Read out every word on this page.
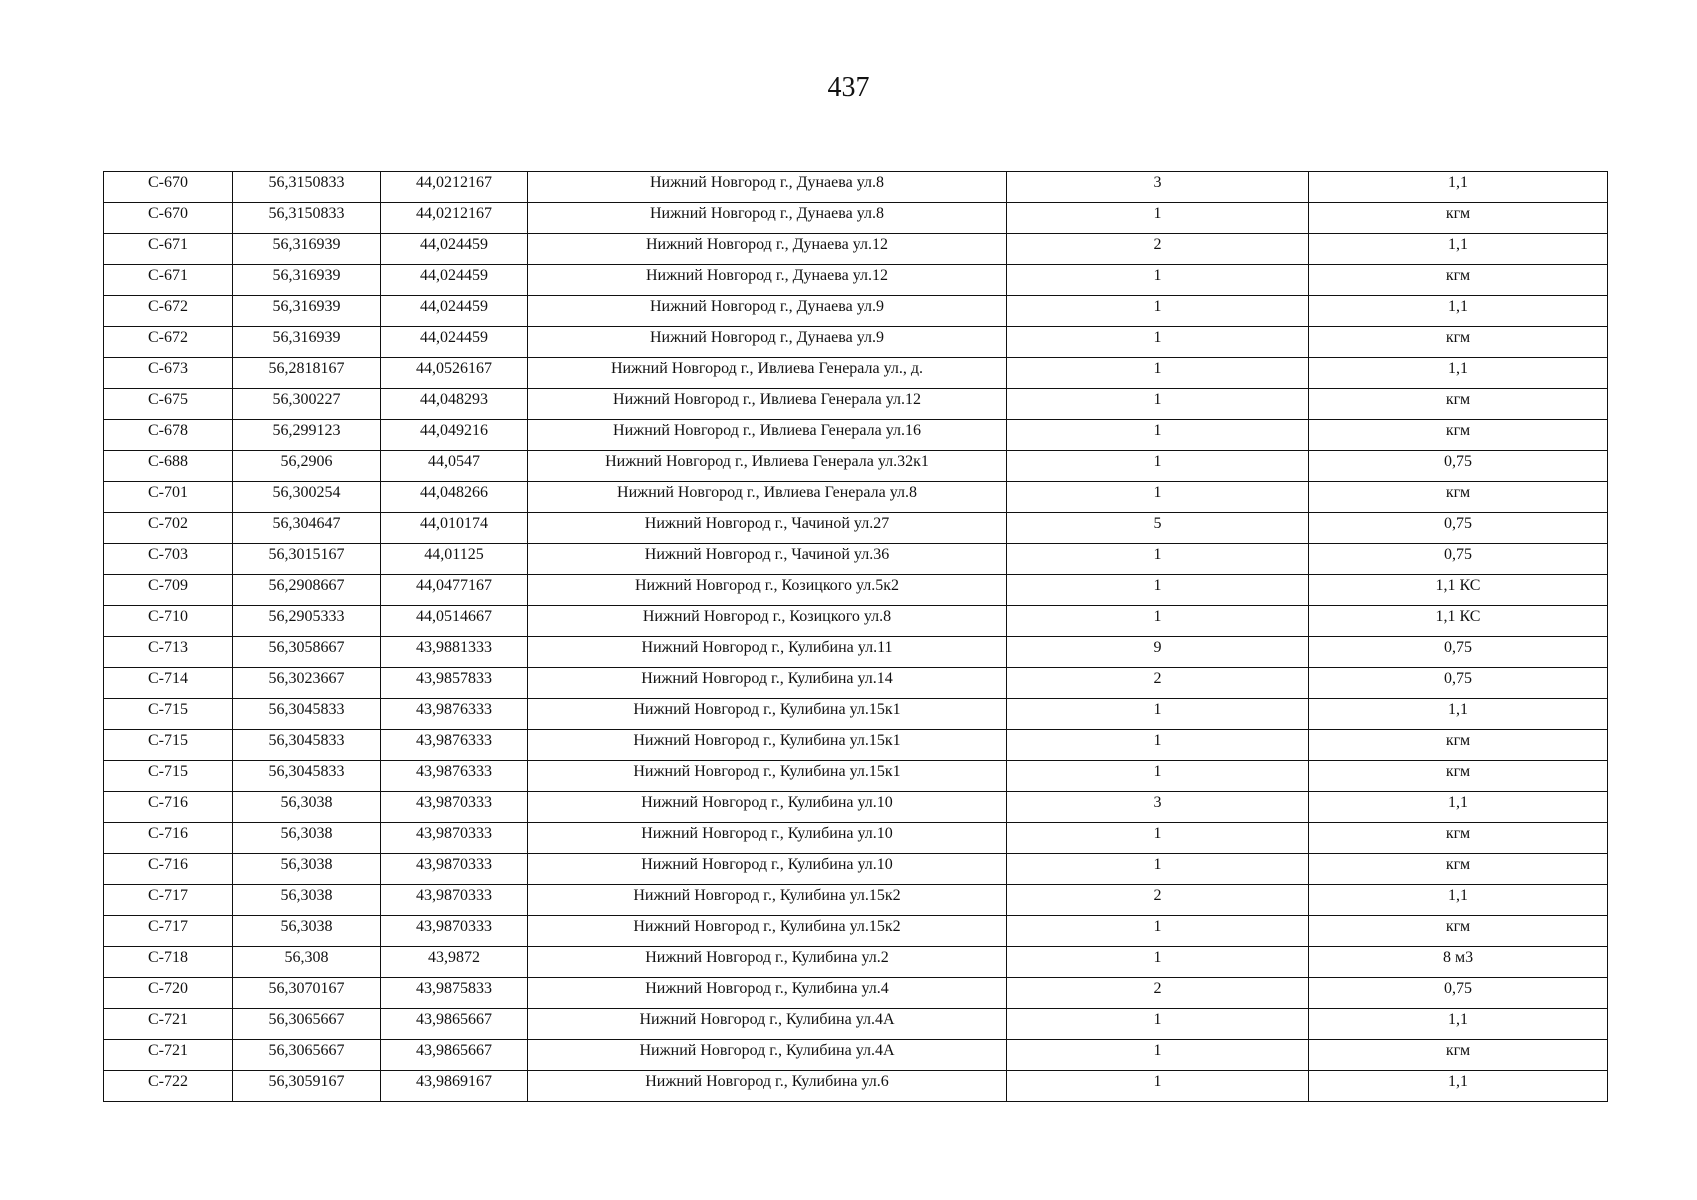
437
С-670	56,3150833	44,0212167	Нижний Новгород г., Дунаева ул.8	3	1,1
С-670	56,3150833	44,0212167	Нижний Новгород г., Дунаева ул.8	1	кгм
С-671	56,316939	44,024459	Нижний Новгород г., Дунаева ул.12	2	1,1
С-671	56,316939	44,024459	Нижний Новгород г., Дунаева ул.12	1	кгм
С-672	56,316939	44,024459	Нижний Новгород г., Дунаева ул.9	1	1,1
С-672	56,316939	44,024459	Нижний Новгород г., Дунаева ул.9	1	кгм
С-673	56,2818167	44,0526167	Нижний Новгород г., Ивлиева Генерала ул., д.	1	1,1
С-675	56,300227	44,048293	Нижний Новгород г., Ивлиева Генерала ул.12	1	кгм
С-678	56,299123	44,049216	Нижний Новгород г., Ивлиева Генерала ул.16	1	кгм
С-688	56,2906	44,0547	Нижний Новгород г., Ивлиева Генерала ул.32к1	1	0,75
С-701	56,300254	44,048266	Нижний Новгород г., Ивлиева Генерала ул.8	1	кгм
С-702	56,304647	44,010174	Нижний Новгород г., Чачиной ул.27	5	0,75
С-703	56,3015167	44,01125	Нижний Новгород г., Чачиной ул.36	1	0,75
С-709	56,2908667	44,0477167	Нижний Новгород г., Козицкого ул.5к2	1	1,1 КС
С-710	56,2905333	44,0514667	Нижний Новгород г., Козицкого ул.8	1	1,1 КС
С-713	56,3058667	43,9881333	Нижний Новгород г., Кулибина ул.11	9	0,75
С-714	56,3023667	43,9857833	Нижний Новгород г., Кулибина ул.14	2	0,75
С-715	56,3045833	43,9876333	Нижний Новгород г., Кулибина ул.15к1	1	1,1
С-715	56,3045833	43,9876333	Нижний Новгород г., Кулибина ул.15к1	1	кгм
С-715	56,3045833	43,9876333	Нижний Новгород г., Кулибина ул.15к1	1	кгм
С-716	56,3038	43,9870333	Нижний Новгород г., Кулибина ул.10	3	1,1
С-716	56,3038	43,9870333	Нижний Новгород г., Кулибина ул.10	1	кгм
С-716	56,3038	43,9870333	Нижний Новгород г., Кулибина ул.10	1	кгм
С-717	56,3038	43,9870333	Нижний Новгород г., Кулибина ул.15к2	2	1,1
С-717	56,3038	43,9870333	Нижний Новгород г., Кулибина ул.15к2	1	кгм
С-718	56,308	43,9872	Нижний Новгород г., Кулибина ул.2	1	8 м3
С-720	56,3070167	43,9875833	Нижний Новгород г., Кулибина ул.4	2	0,75
С-721	56,3065667	43,9865667	Нижний Новгород г., Кулибина ул.4А	1	1,1
С-721	56,3065667	43,9865667	Нижний Новгород г., Кулибина ул.4А	1	кгм
С-722	56,3059167	43,9869167	Нижний Новгород г., Кулибина ул.6	1	1,1
